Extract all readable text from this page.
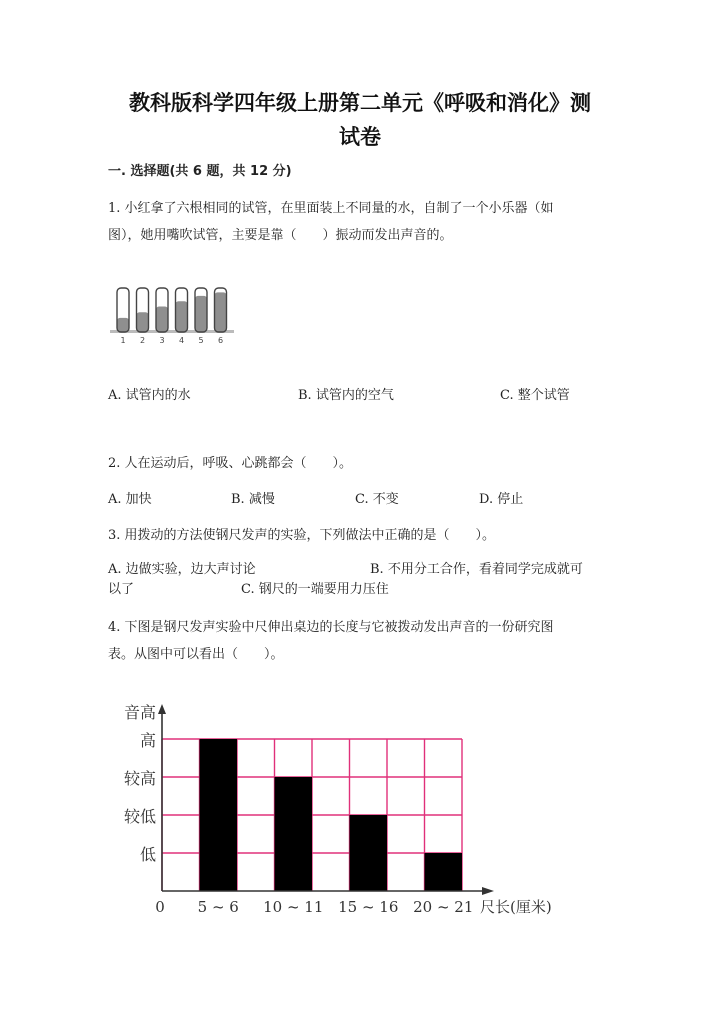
教科版科学四年级上册第二单元《呼吸和消化》测
试卷
一. 选择题(共 6 题，共 12 分)
1. 小红拿了六根相同的试管，在里面装上不同量的水，自制了一个小乐器（如
图），她用嘴吹试管，主要是靠（　　）振动而发出声音的。
1 2 3 4 5 6
A. 试管内的水	B. 试管内的空气	C. 整个试管
2. 人在运动后，呼吸、心跳都会（　　）。
A. 加快	B. 减慢	C. 不变	D. 停止
3. 用拨动的方法使钢尺发声的实验，下列做法中正确的是（　　）。
A. 边做实验，边大声讨论	B. 不用分工合作，看着同学完成就可
以了	C. 钢尺的一端要用力压住
4. 下图是钢尺发声实验中尺伸出桌边的长度与它被拨动发出声音的一份研究图
表。从图中可以看出（　　）。
音高
低
较低
较高
高
0 5 ~ 6 10 ~ 11 15 ~ 16 20 ~ 21 尺长(厘米)
